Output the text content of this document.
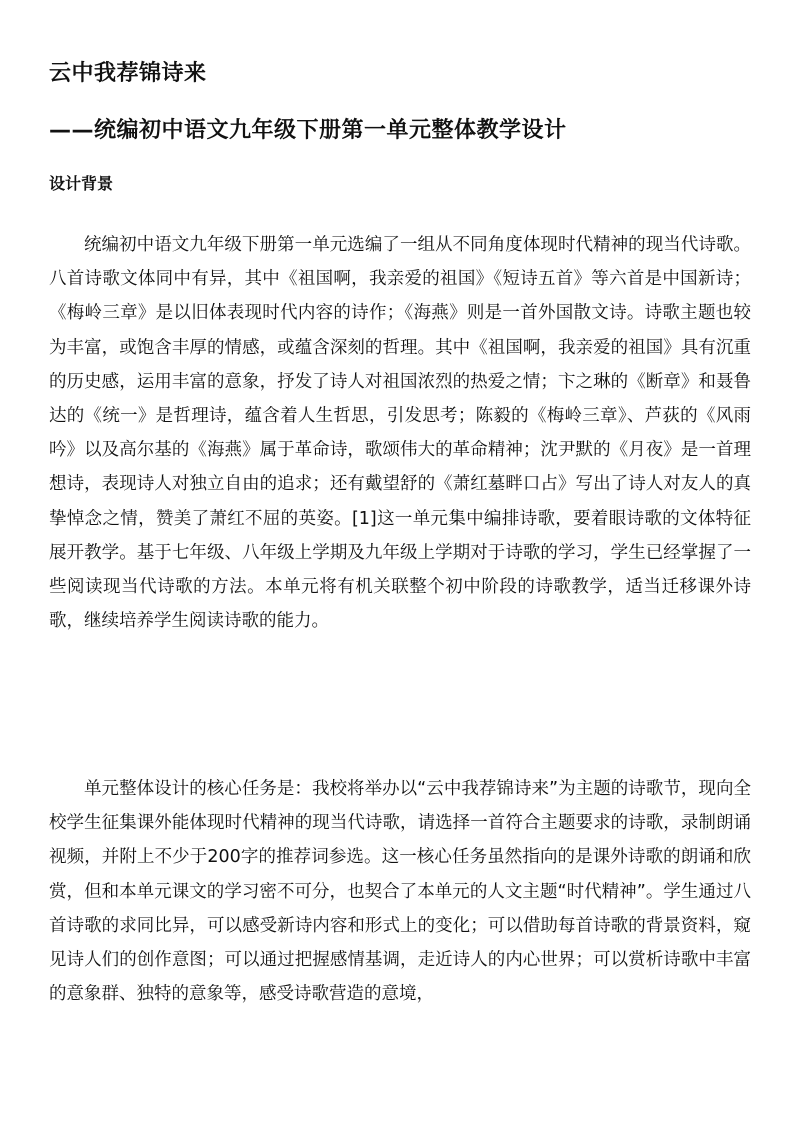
云中我荐锦诗来
——统编初中语文九年级下册第一单元整体教学设计
设计背景

统编初中语文九年级下册第一单元选编了一组从不同角度体现时代精神的现当代诗歌。八首诗歌文体同中有异，其中《祖国啊，我亲爱的祖国》《短诗五首》等六首是中国新诗；《梅岭三章》是以旧体表现时代内容的诗作；《海燕》则是一首外国散文诗。诗歌主题也较为丰富，或饱含丰厚的情感，或蕴含深刻的哲理。其中《祖国啊，我亲爱的祖国》具有沉重的历史感，运用丰富的意象，抒发了诗人对祖国浓烈的热爱之情；卞之琳的《断章》和聂鲁达的《统一》是哲理诗，蕴含着人生哲思，引发思考；陈毅的《梅岭三章》、芦荻的《风雨吟》以及高尔基的《海燕》属于革命诗，歌颂伟大的革命精神；沈尹默的《月夜》是一首理想诗，表现诗人对独立自由的追求；还有戴望舒的《萧红墓畔口占》写出了诗人对友人的真挚悼念之情，赞美了萧红不屈的英姿。[1]这一单元集中编排诗歌，要着眼诗歌的文体特征展开教学。基于七年级、八年级上学期及九年级上学期对于诗歌的学习，学生已经掌握了一些阅读现当代诗歌的方法。本单元将有机关联整个初中阶段的诗歌教学，适当迁移课外诗歌，继续培养学生阅读诗歌的能力。

单元整体设计的核心任务是：我校将举办以“云中我荐锦诗来”为主题的诗歌节，现向全校学生征集课外能体现时代精神的现当代诗歌，请选择一首符合主题要求的诗歌，录制朗诵视频，并附上不少于200字的推荐词参选。这一核心任务虽然指向的是课外诗歌的朗诵和欣赏，但和本单元课文的学习密不可分，也契合了本单元的人文主题“时代精神”。学生通过八首诗歌的求同比异，可以感受新诗内容和形式上的变化；可以借助每首诗歌的背景资料，窥见诗人们的创作意图；可以通过把握感情基调，走近诗人的内心世界；可以赏析诗歌中丰富的意象群、独特的意象等，感受诗歌营造的意境，
